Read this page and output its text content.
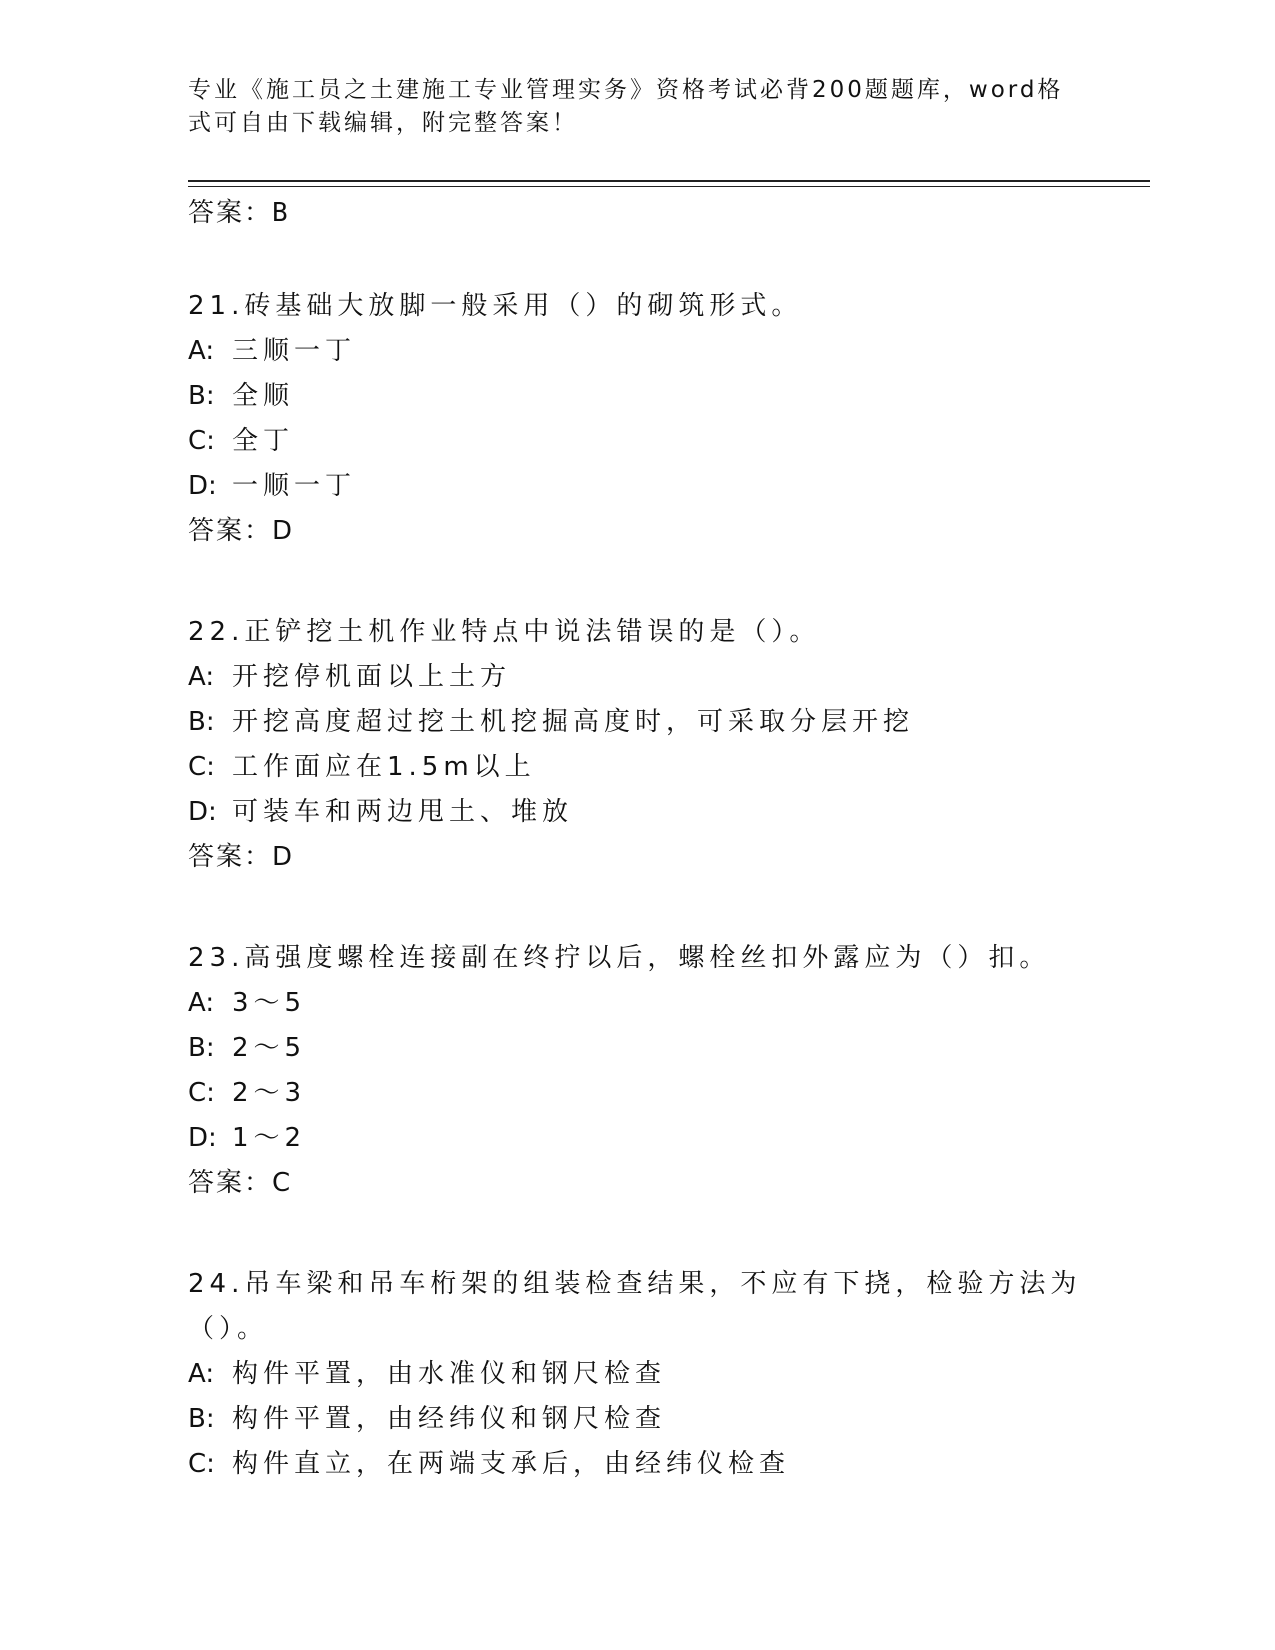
专业《施工员之土建施工专业管理实务》资格考试必背200题题库，word格式可自由下载编辑，附完整答案！
答案：B
21.砖基础大放脚一般采用（）的砌筑形式。
A: 三顺一丁
B: 全顺
C: 全丁
D: 一顺一丁
答案：D
22.正铲挖土机作业特点中说法错误的是（）。
A: 开挖停机面以上土方
B: 开挖高度超过挖土机挖掘高度时，可采取分层开挖
C: 工作面应在1.5m以上
D: 可装车和两边甩土、堆放
答案：D
23.高强度螺栓连接副在终拧以后，螺栓丝扣外露应为（）扣。
A: 3～5
B: 2～5
C: 2～3
D: 1～2
答案：C
24.吊车梁和吊车桁架的组装检查结果，不应有下挠，检验方法为（）。
A: 构件平置，由水准仪和钢尺检查
B: 构件平置，由经纬仪和钢尺检查
C: 构件直立，在两端支承后，由经纬仪检查
